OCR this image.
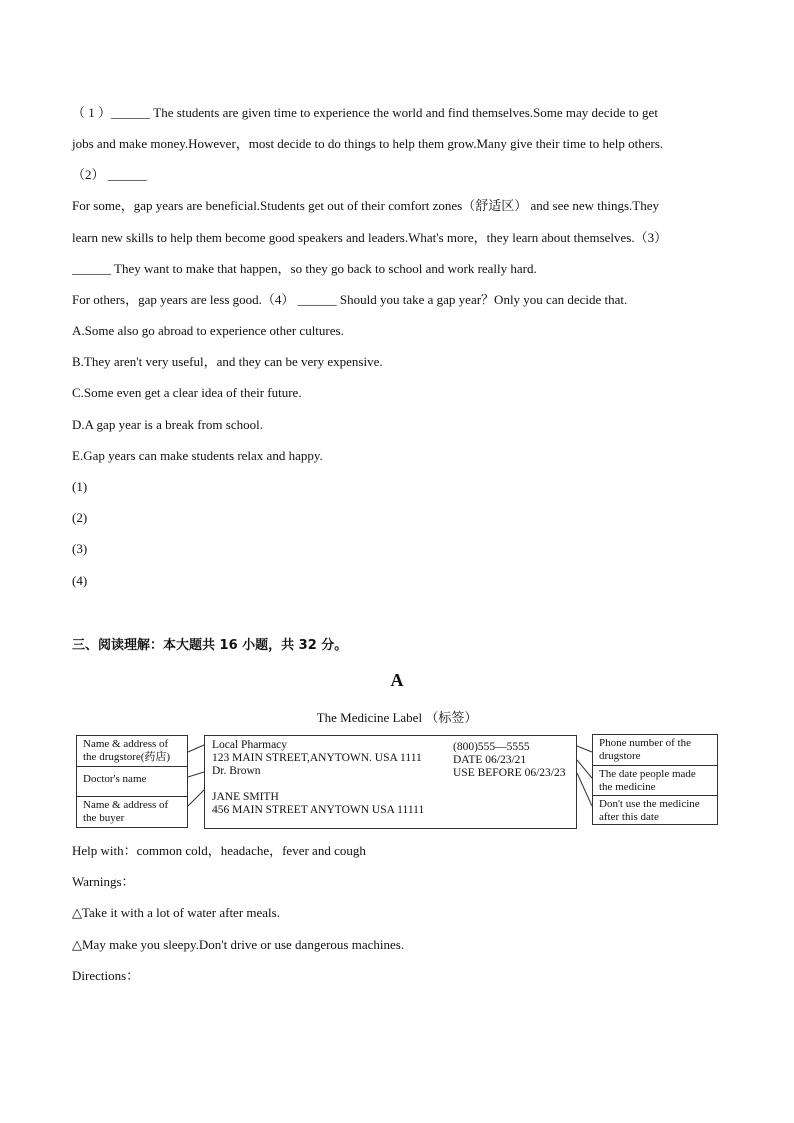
（ 1 ）______ The students are given time to experience the world and find themselves.Some may decide to get
jobs and make money.However，most decide to do things to help them grow.Many give their time to help others.
（2） ______
For some，gap years are beneficial.Students get out of their comfort zones（舒适区） and see new things.They
learn new skills to help them become good speakers and leaders.What's more，they learn about themselves.（3）
______ They want to make that happen，so they go back to school and work really hard.
For others，gap years are less good.（4） ______ Should you take a gap year？Only you can decide that.
A.Some also go abroad to experience other cultures.
B.They aren't very useful，and they can be very expensive.
C.Some even get a clear idea of their future.
D.A gap year is a break from school.
E.Gap years can make students relax and happy.
(1)
(2)
(3)
(4)
三、阅读理解：本大题共 16 小题，共 32 分。
A
The Medicine Label （标签）
Name & address of the drugstore(药店)
Doctor's name
Name & address of the buyer
Local Pharmacy
123 MAIN STREET,ANYTOWN. USA 1111
Dr. Brown
JANE SMITH
456 MAIN STREET ANYTOWN USA 11111
(800)555—5555
DATE 06/23/21
USE BEFORE 06/23/23
Phone number of the drugstore
The date people made the medicine
Don't use the medicine after this date
Help with：common cold，headache，fever and cough
Warnings：
△Take it with a lot of water after meals.
△May make you sleepy.Don't drive or use dangerous machines.
Directions：
